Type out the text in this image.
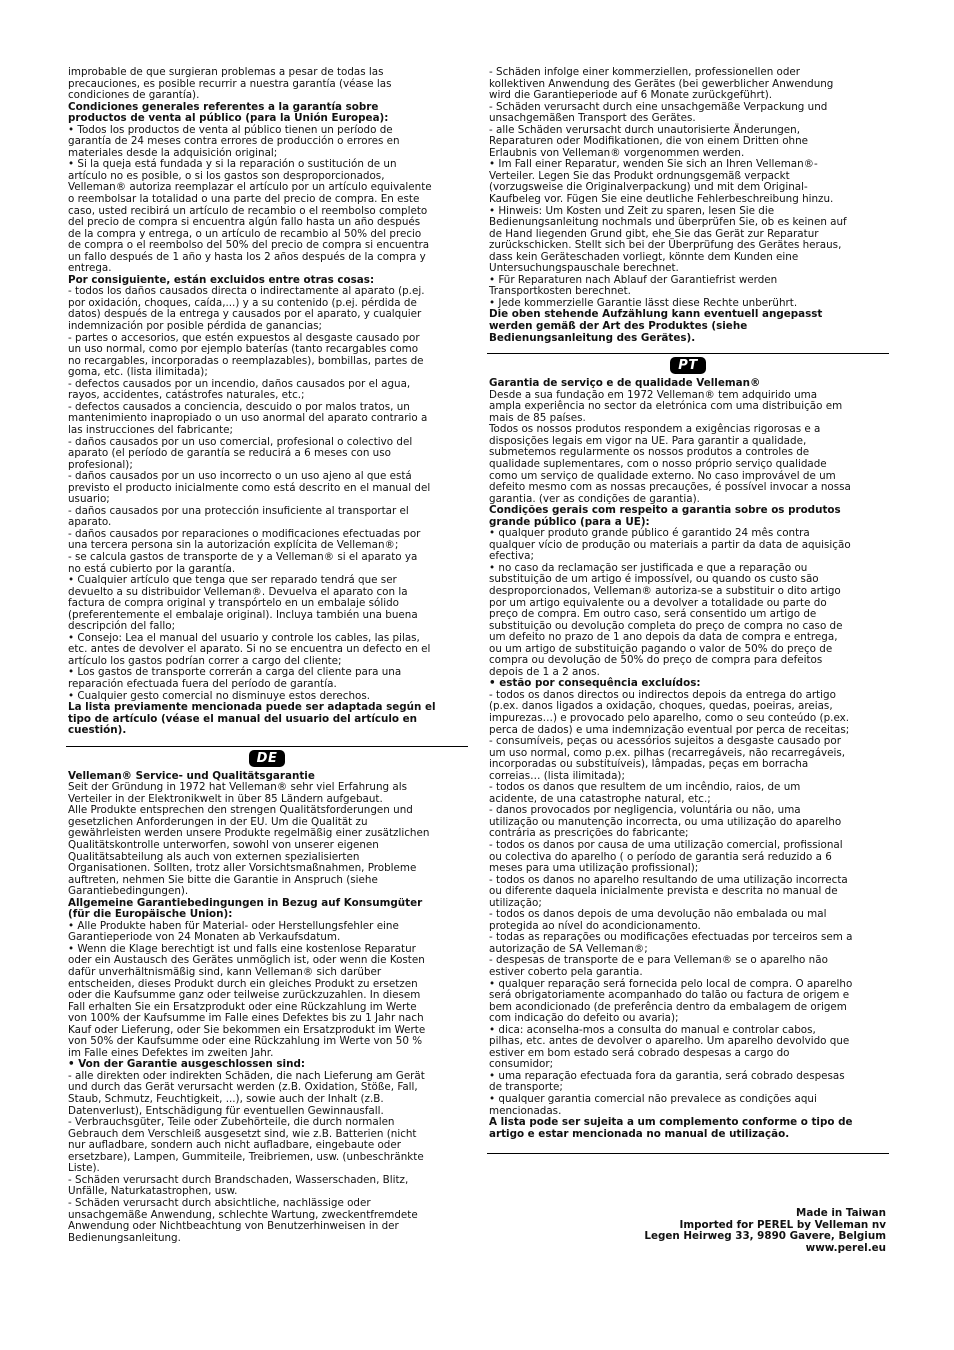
improbable de que surgieran problemas a pesar de todas las
precauciones, es posible recurrir a nuestra garantía (véase las
condiciones de garantía).

Condiciones generales referentes a la garantía sobre
productos de venta al público (para la Unión Europea):

• Todos los productos de venta al público tienen un período de
garantía de 24 meses contra errores de producción o errores en
materiales desde la adquisición original;
• Si la queja está fundada y si la reparación o sustitución de un
artículo no es posible, o si los gastos son desproporcionados,
Velleman® autoriza reemplazar el artículo por un artículo equivalente
o reembolsar la totalidad o una parte del precio de compra. En este
caso, usted recibirá un artículo de recambio o el reembolso completo
del precio de compra si encuentra algún fallo hasta un año después
de la compra y entrega, o un artículo de recambio al 50% del precio
de compra o el reembolso del 50% del precio de compra si encuentra
un fallo después de 1 año y hasta los 2 años después de la compra y
entrega.

Por consiguiente, están excluidos entre otras cosas:

- todos los daños causados directa o indirectamente al aparato (p.ej.
por oxidación, choques, caída,...) y a su contenido (p.ej. pérdida de
datos) después de la entrega y causados por el aparato, y cualquier
indemnización por posible pérdida de ganancias;
- partes o accesorios, que estén expuestos al desgaste causado por
un uso normal, como por ejemplo baterías (tanto recargables como
no recargables, incorporadas o reemplazables), bombillas, partes de
goma, etc. (lista ilimitada);
- defectos causados por un incendio, daños causados por el agua,
rayos, accidentes, catástrofes naturales, etc.;
- defectos causados a conciencia, descuido o por malos tratos, un
mantenimiento inapropiado o un uso anormal del aparato contrario a
las instrucciones del fabricante;
- daños causados por un uso comercial, profesional o colectivo del
aparato (el período de garantía se reducirá a 6 meses con uso
profesional);
- daños causados por un uso incorrecto o un uso ajeno al que está
previsto el producto inicialmente como está descrito en el manual del
usuario;
- daños causados por una protección insuficiente al transportar el
aparato.
- daños causados por reparaciones o modificaciones efectuadas por
una tercera persona sin la autorización explícita de Velleman®;
- se calcula gastos de transporte de y a Velleman® si el aparato ya
no está cubierto por la garantía.
• Cualquier artículo que tenga que ser reparado tendrá que ser
devuelto a su distribuidor Velleman®. Devuelva el aparato con la
factura de compra original y transpórtelo en un embalaje sólido
(preferentemente el embalaje original). Incluya también una buena
descripción del fallo;
• Consejo: Lea el manual del usuario y controle los cables, las pilas,
etc. antes de devolver el aparato. Si no se encuentra un defecto en el
artículo los gastos podrían correr a cargo del cliente;
• Los gastos de transporte correrán a carga del cliente para una
reparación efectuada fuera del período de garantía.
• Cualquier gesto comercial no disminuye estos derechos.

La lista previamente mencionada puede ser adaptada según el
tipo de artículo (véase el manual del usuario del artículo en
cuestión).

DE

Velleman® Service- und Qualitätsgarantie

Seit der Gründung in 1972 hat Velleman® sehr viel Erfahrung als
Verteiler in der Elektronikwelt in über 85 Ländern aufgebaut.
Alle Produkte entsprechen den strengen Qualitätsforderungen und
gesetzlichen Anforderungen in der EU. Um die Qualität zu
gewährleisten werden unsere Produkte regelmäßig einer zusätzlichen
Qualitätskontrolle unterworfen, sowohl von unserer eigenen
Qualitätsabteilung als auch von externen spezialisierten
Organisationen. Sollten, trotz aller Vorsichtsmaßnahmen, Probleme
auftreten, nehmen Sie bitte die Garantie in Anspruch (siehe
Garantiebedingungen).

Allgemeine Garantiebedingungen in Bezug auf Konsumgüter
(für die Europäische Union):

• Alle Produkte haben für Material- oder Herstellungsfehler eine
Garantieperiode von 24 Monaten ab Verkaufsdatum.
• Wenn die Klage berechtigt ist und falls eine kostenlose Reparatur
oder ein Austausch des Gerätes unmöglich ist, oder wenn die Kosten
dafür unverhältnismäßig sind, kann Velleman® sich darüber
entscheiden, dieses Produkt durch ein gleiches Produkt zu ersetzen
oder die Kaufsumme ganz oder teilweise zurückzuzahlen. In diesem
Fall erhalten Sie ein Ersatzprodukt oder eine Rückzahlung im Werte
von 100% der Kaufsumme im Falle eines Defektes bis zu 1 Jahr nach
Kauf oder Lieferung, oder Sie bekommen ein Ersatzprodukt im Werte
von 50% der Kaufsumme oder eine Rückzahlung im Werte von 50 %
im Falle eines Defektes im zweiten Jahr.

• Von der Garantie ausgeschlossen sind:

- alle direkten oder indirekten Schäden, die nach Lieferung am Gerät
und durch das Gerät verursacht werden (z.B. Oxidation, Stöße, Fall,
Staub, Schmutz, Feuchtigkeit, ...), sowie auch der Inhalt (z.B.
Datenverlust), Entschädigung für eventuellen Gewinnausfall.
- Verbrauchsgüter, Teile oder Zubehörteile, die durch normalen
Gebrauch dem Verschleiß ausgesetzt sind, wie z.B. Batterien (nicht
nur aufladbare, sondern auch nicht aufladbare, eingebaute oder
ersetzbare), Lampen, Gummiteile, Treibriemen, usw. (unbeschränkte
Liste).
- Schäden verursacht durch Brandschaden, Wasserschaden, Blitz,
Unfälle, Naturkatastrophen, usw.
- Schäden verursacht durch absichtliche, nachlässige oder
unsachgemäße Anwendung, schlechte Wartung, zweckentfremdete
Anwendung oder Nichtbeachtung von Benutzerhinweisen in der
Bedienungsanleitung.

- Schäden infolge einer kommerziellen, professionellen oder
kollektiven Anwendung des Gerätes (bei gewerblicher Anwendung
wird die Garantieperiode auf 6 Monate zurückgeführt).
- Schäden verursacht durch eine unsachgemäße Verpackung und
unsachgemäßen Transport des Gerätes.
- alle Schäden verursacht durch unautorisierte Änderungen,
Reparaturen oder Modifikationen, die von einem Dritten ohne
Erlaubnis von Velleman® vorgenommen werden.
• Im Fall einer Reparatur, wenden Sie sich an Ihren Velleman®-
Verteiler. Legen Sie das Produkt ordnungsgemäß verpackt
(vorzugsweise die Originalverpackung) und mit dem Original-
Kaufbeleg vor. Fügen Sie eine deutliche Fehlerbeschreibung hinzu.
• Hinweis: Um Kosten und Zeit zu sparen, lesen Sie die
Bedienungsanleitung nochmals und überprüfen Sie, ob es keinen auf
de Hand liegenden Grund gibt, ehe Sie das Gerät zur Reparatur
zurückschicken. Stellt sich bei der Überprüfung des Gerätes heraus,
dass kein Geräteschaden vorliegt, könnte dem Kunden eine
Untersuchungspauschale berechnet.
• Für Reparaturen nach Ablauf der Garantiefrist werden
Transportkosten berechnet.
• Jede kommerzielle Garantie lässt diese Rechte unberührt.

Die oben stehende Aufzählung kann eventuell angepasst
werden gemäß der Art des Produktes (siehe
Bedienungsanleitung des Gerätes).

PT

Garantia de serviço e de qualidade Velleman®

Desde a sua fundação em 1972 Velleman® tem adquirido uma
ampla experiência no sector da eletrónica com uma distribuição em
mais de 85 países.
Todos os nossos produtos respondem a exigências rigorosas e a
disposições legais em vigor na UE. Para garantir a qualidade,
submetemos regularmente os nossos produtos a controles de
qualidade suplementares, com o nosso próprio serviço qualidade
como um serviço de qualidade externo. No caso improvável de um
defeito mesmo com as nossas precauções, é possível invocar a nossa
garantia. (ver as condições de garantia).

Condições gerais com respeito a garantia sobre os produtos
grande público (para a UE):

• qualquer produto grande público é garantido 24 mês contra
qualquer vício de produção ou materiais a partir da data de aquisição
efectiva;
• no caso da reclamação ser justificada e que a reparação ou
substituição de um artigo é impossível, ou quando os custo são
desproporcionados, Velleman® autoriza-se a substituir o dito artigo
por um artigo equivalente ou a devolver a totalidade ou parte do
preço de compra. Em outro caso, será consentido um artigo de
substituição ou devolução completa do preço de compra no caso de
um defeito no prazo de 1 ano depois da data de compra e entrega,
ou um artigo de substituição pagando o valor de 50% do preço de
compra ou devolução de 50% do preço de compra para defeitos
depois de 1 a 2 anos.

• estão por consequência excluídos:

- todos os danos directos ou indirectos depois da entrega do artigo
(p.ex. danos ligados a oxidação, choques, quedas, poeiras, areias,
impurezas…) e provocado pelo aparelho, como o seu conteúdo (p.ex.
perca de dados) e uma indemnização eventual por perca de receitas;
- consumíveis, peças ou acessórios sujeitos a desgaste causado por
um uso normal, como p.ex. pilhas (recarregáveis, não recarregáveis,
incorporadas ou substituíveis), lâmpadas, peças em borracha
correias… (lista ilimitada);
- todos os danos que resultem de um incêndio, raios, de um
acidente, de una catastrophe natural, etc.;
- danos provocados por negligencia, voluntária ou não, uma
utilização ou manutenção incorrecta, ou uma utilização do aparelho
contrária as prescrições do fabricante;
- todos os danos por causa de uma utilização comercial, profissional
ou colectiva do aparelho ( o período de garantia será reduzido a 6
meses para uma utilização profissional);
- todos os danos no aparelho resultando de uma utilização incorrecta
ou diferente daquela inicialmente prevista e descrita no manual de
utilização;
- todos os danos depois de uma devolução não embalada ou mal
protegida ao nível do acondicionamento.
- todas as reparações ou modificações efectuadas por terceiros sem a
autorização de SA Velleman®;
- despesas de transporte de e para Velleman® se o aparelho não
estiver coberto pela garantia.
• qualquer reparação será fornecida pelo local de compra. O aparelho
será obrigatoriamente acompanhado do talão ou factura de origem e
bem acondicionado (de preferência dentro da embalagem de origem
com indicação do defeito ou avaria);
• dica: aconselha-mos a consulta do manual e controlar cabos,
pilhas, etc. antes de devolver o aparelho. Um aparelho devolvido que
estiver em bom estado será cobrado despesas a cargo do
consumidor;
• uma reparação efectuada fora da garantia, será cobrado despesas
de transporte;
• qualquer garantia comercial não prevalece as condições aqui
mencionadas.

A lista pode ser sujeita a um complemento conforme o tipo de
artigo e estar mencionada no manual de utilização.

Made in Taiwan
Imported for PEREL by Velleman nv
Legen Heirweg 33, 9890 Gavere, Belgium
www.perel.eu
